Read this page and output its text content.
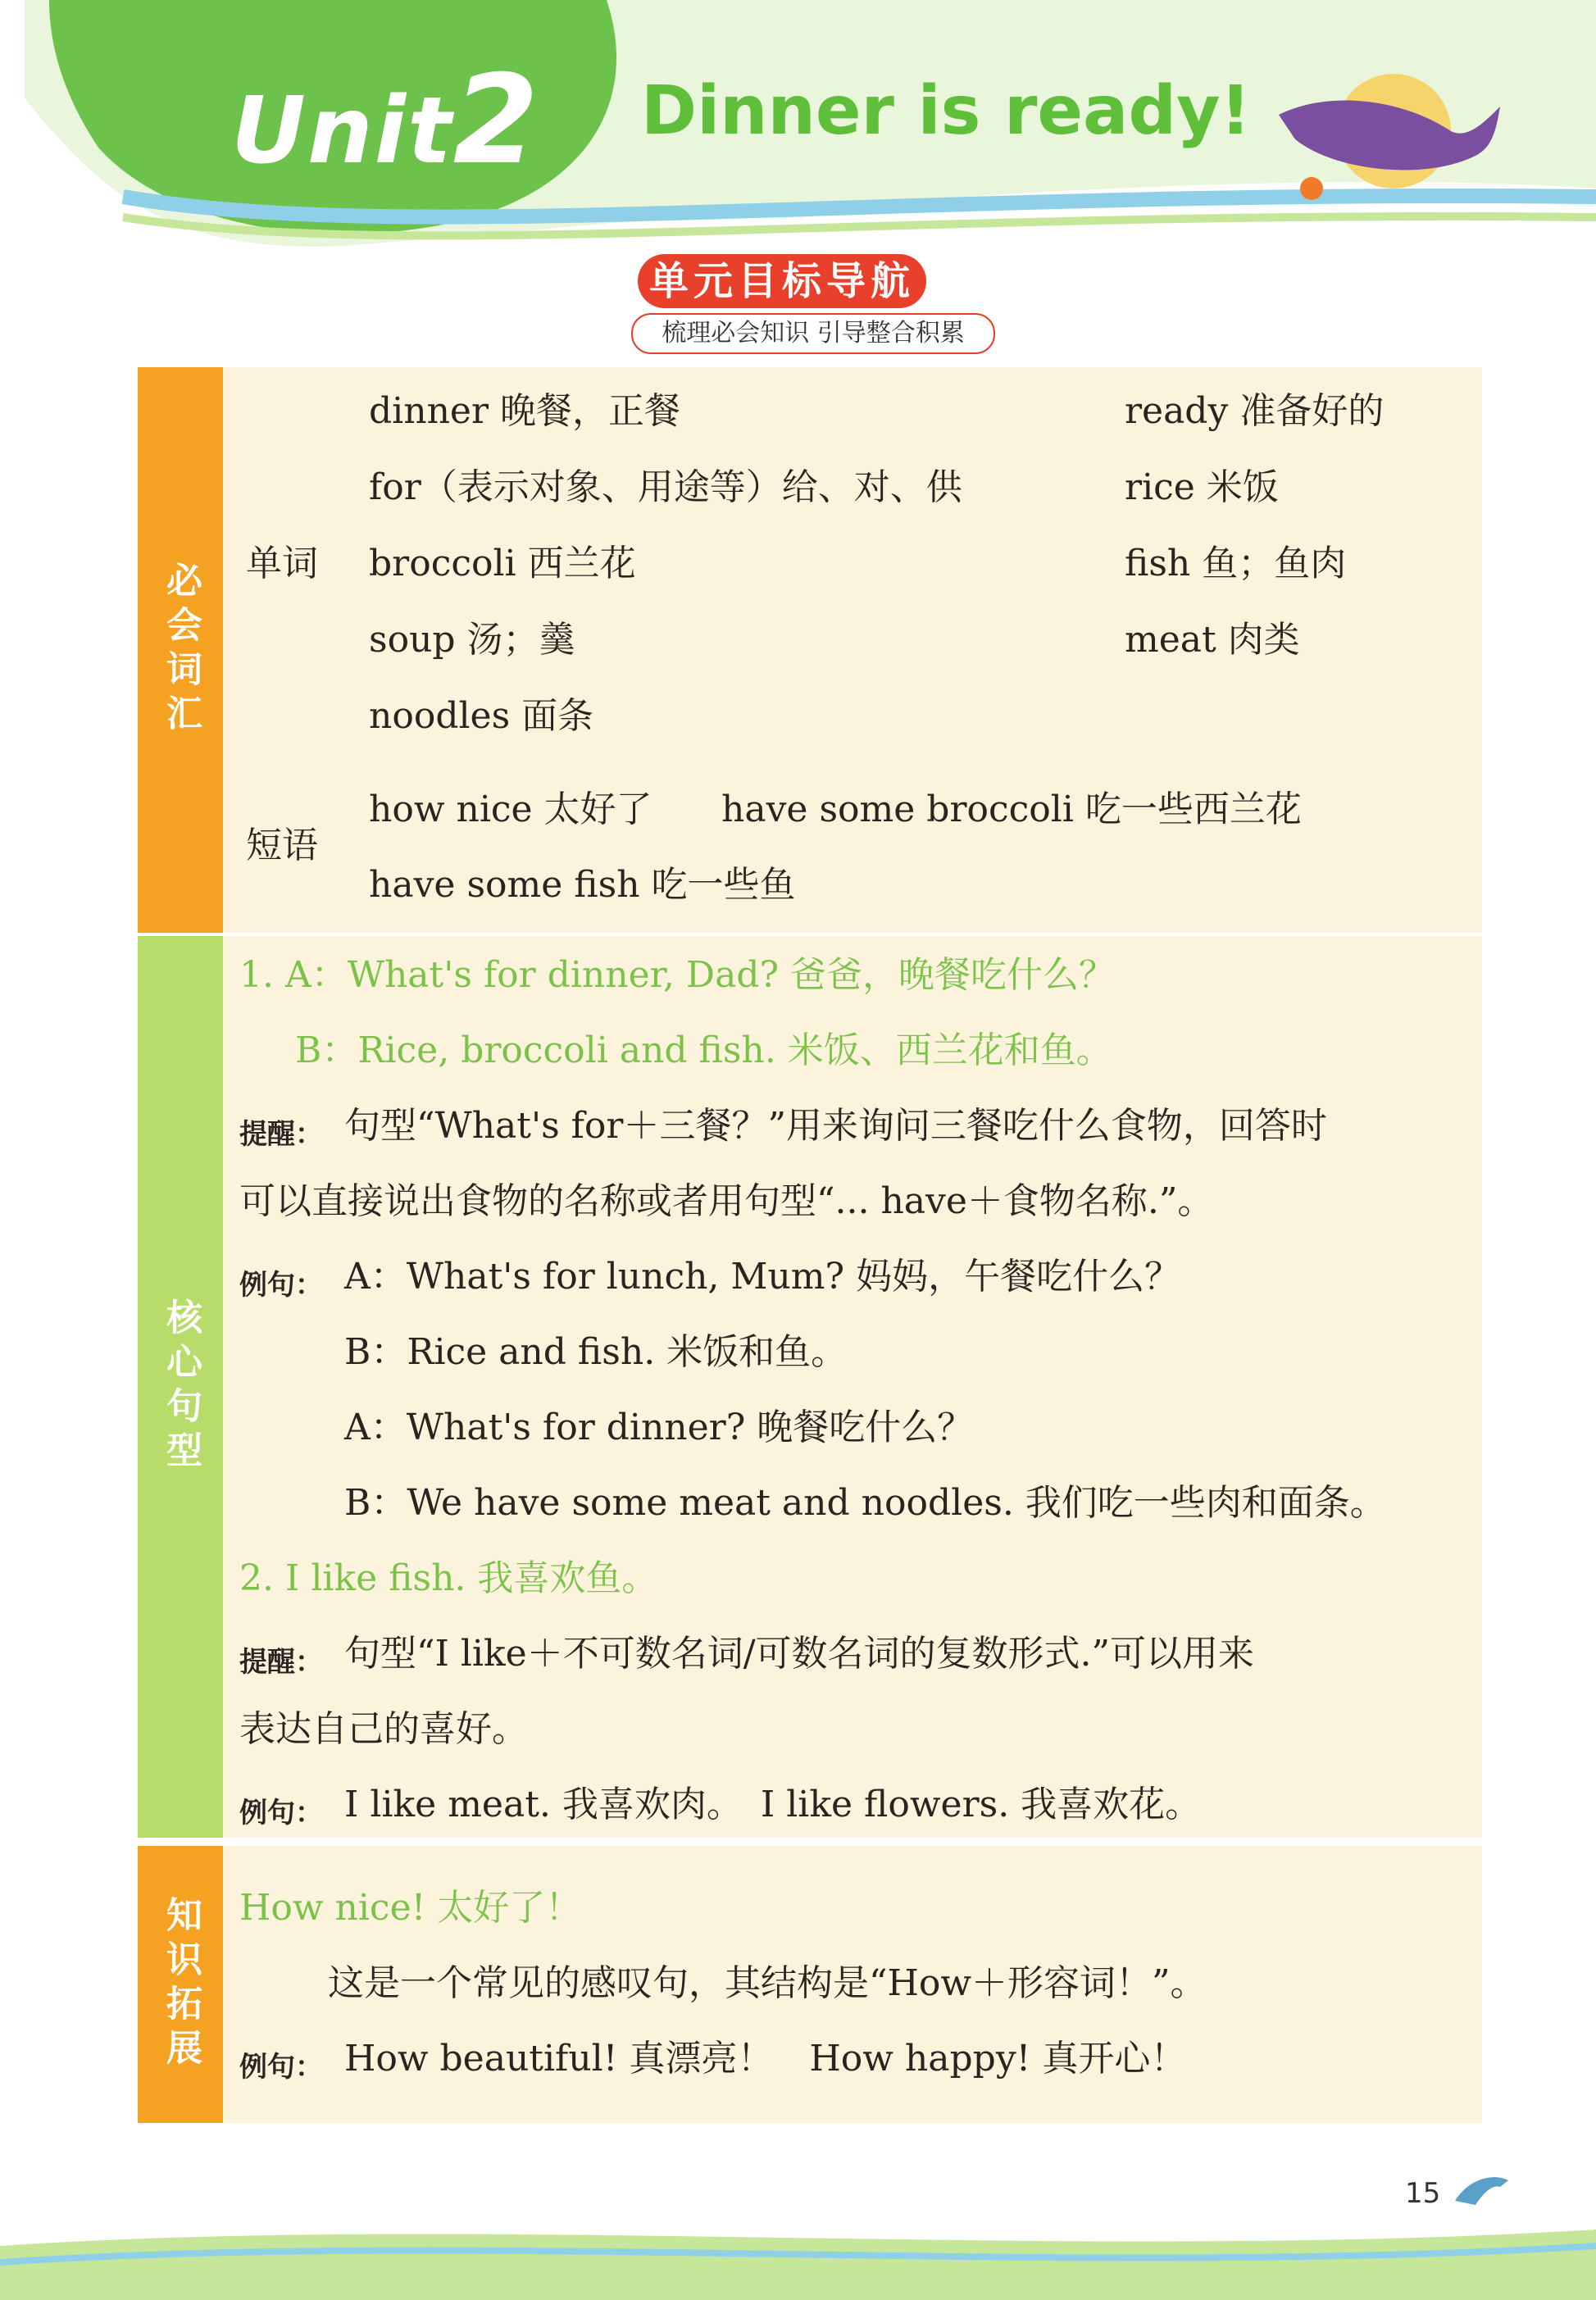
Unit2 Dinner is ready!
单元目标导航
梳理必会知识 引导整合积累
必会词汇 单词
dinner 晚餐，正餐
for（表示对象、用途等）给、对、供
broccoli 西兰花
soup 汤；羹
noodles 面条
ready 准备好的
rice 米饭
fish 鱼；鱼肉
meat 肉类
短语
how nice 太好了 have some broccoli 吃一些西兰花
have some fish 吃一些鱼
核心句型
1. A：What's for dinner, Dad? 爸爸，晚餐吃什么？
B：Rice, broccoli and fish. 米饭、西兰花和鱼。
提醒： 句型“What's for＋三餐？”用来询问三餐吃什么食物，回答时
可以直接说出食物的名称或者用句型“... have＋食物名称.”。
例句： A：What's for lunch, Mum? 妈妈，午餐吃什么？
B：Rice and fish. 米饭和鱼。
A：What's for dinner? 晚餐吃什么？
B：We have some meat and noodles. 我们吃一些肉和面条。
2. I like fish. 我喜欢鱼。
提醒： 句型“I like＋不可数名词/可数名词的复数形式.”可以用来
表达自己的喜好。
例句： I like meat. 我喜欢肉。　I like flowers. 我喜欢花。
知识拓展 How nice! 太好了！
这是一个常见的感叹句，其结构是“How＋形容词！”。
例句： How beautiful! 真漂亮！　How happy! 真开心！
15
